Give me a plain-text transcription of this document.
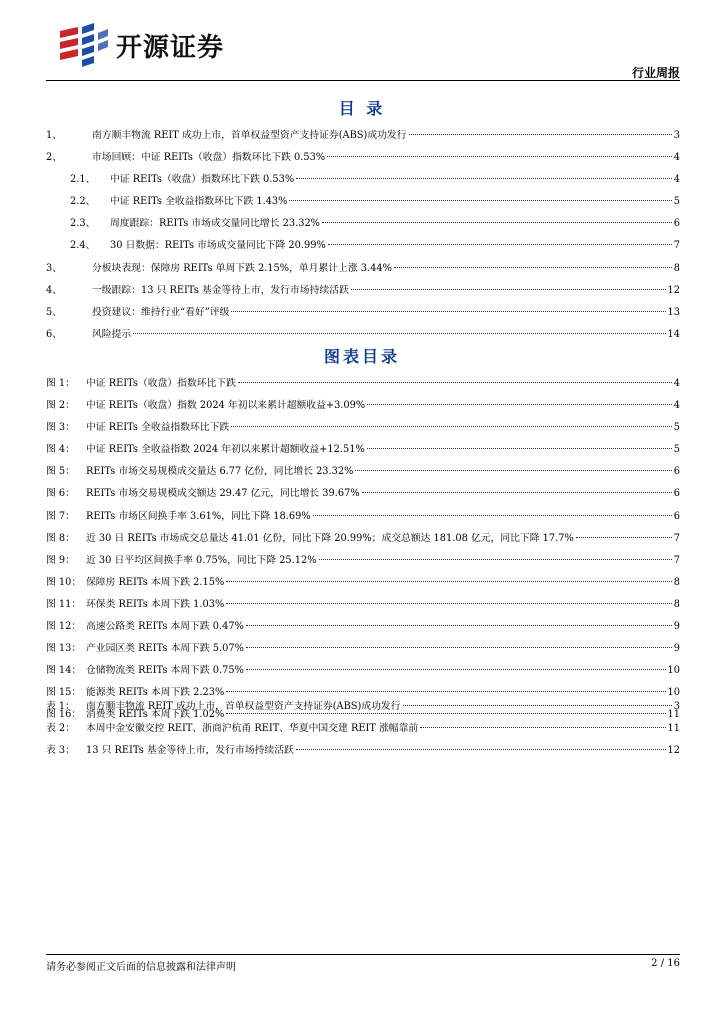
开源证券
行业周报
目 录
1、	南方顺丰物流 REIT 成功上市，首单权益型资产支持证券(ABS)成功发行	3
2、	市场回顾：中证 REITs（收盘）指数环比下跌 0.53%	4
2.1、	中证 REITs（收盘）指数环比下跌 0.53%	4
2.2、	中证 REITs 全收益指数环比下跌 1.43%	5
2.3、	周度跟踪：REITs 市场成交量同比增长 23.32%	6
2.4、	30 日数据：REITs 市场成交量同比下降 20.99%	7
3、	分板块表现：保障房 REITs 单周下跌 2.15%，单月累计上涨 3.44%	8
4、	一级跟踪：13 只 REITs 基金等待上市，发行市场持续活跃	12
5、	投资建议：维持行业“看好”评级	13
6、	风险提示	14
图表目录
图 1：	中证 REITs（收盘）指数环比下跌	4
图 2：	中证 REITs（收盘）指数 2024 年初以来累计超额收益+3.09%	4
图 3：	中证 REITs 全收益指数环比下跌	5
图 4：	中证 REITs 全收益指数 2024 年初以来累计超额收益+12.51%	5
图 5：	REITs 市场交易规模成交量达 6.77 亿份，同比增长 23.32%	6
图 6：	REITs 市场交易规模成交额达 29.47 亿元，同比增长 39.67%	6
图 7：	REITs 市场区间换手率 3.61%，同比下降 18.69%	6
图 8：	近 30 日 REITs 市场成交总量达 41.01 亿份，同比下降 20.99%；成交总额达 181.08 亿元，同比下降 17.7%	7
图 9：	近 30 日平均区间换手率 0.75%，同比下降 25.12%	7
图 10： 保障房 REITs 本周下跌 2.15%	8
图 11： 环保类 REITs 本周下跌 1.03%	8
图 12： 高速公路类 REITs 本周下跌 0.47%	9
图 13： 产业园区类 REITs 本周下跌 5.07%	9
图 14： 仓储物流类 REITs 本周下跌 0.75%	10
图 15： 能源类 REITs 本周下跌 2.23%	10
图 16： 消费类 REITs 本周下跌 1.02%	11
表 1：	南方顺丰物流 REIT 成功上市，首单权益型资产支持证券(ABS)成功发行	3
表 2：	本周中金安徽交控 REIT、浙商沪杭甬 REIT、华夏中国交建 REIT 涨幅靠前	11
表 3：	13 只 REITs 基金等待上市，发行市场持续活跃	12
请务必参阅正文后面的信息披露和法律声明	2 / 16
